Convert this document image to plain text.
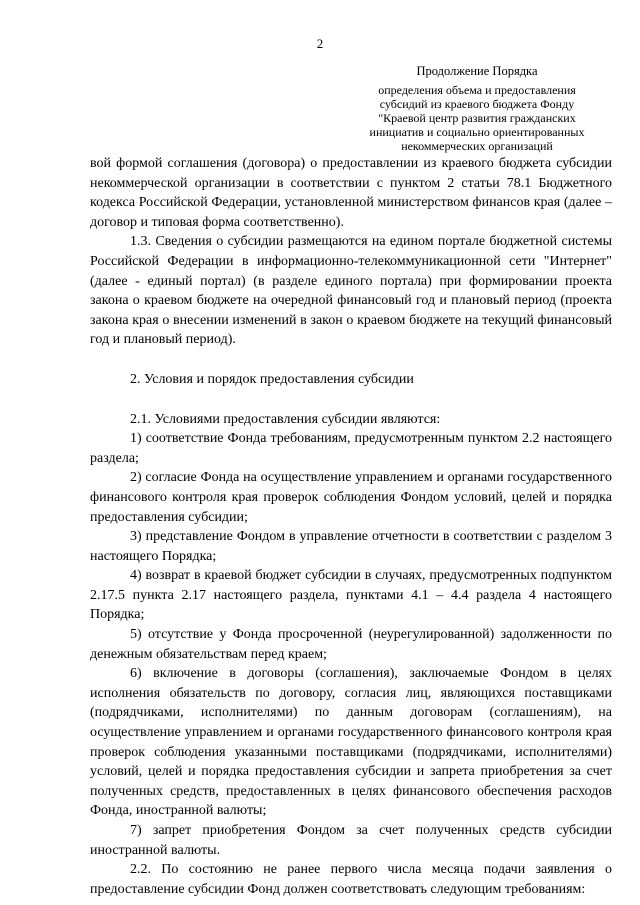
2
Продолжение Порядка
определения объема и предоставления
субсидий из краевого бюджета Фонду
"Краевой центр развития гражданских
инициатив и социально ориентированных
некоммерческих организаций

вой формой соглашения (договора) о предоставлении из краевого бюджета субсидии некоммерческой организации в соответствии с пунктом 2 статьи 78.1 Бюджетного кодекса Российской Федерации, установленной министерством финансов края (далее – договор и типовая форма соответственно).

1.3. Сведения о субсидии размещаются на едином портале бюджетной системы Российской Федерации в информационно-телекоммуникационной сети "Интернет" (далее - единый портал) (в разделе единого портала) при формировании проекта закона о краевом бюджете на очередной финансовый год и плановый период (проекта закона края о внесении изменений в закон о краевом бюджете на текущий финансовый год и плановый период).

2. Условия и порядок предоставления субсидии

2.1. Условиями предоставления субсидии являются:

1) соответствие Фонда требованиям, предусмотренным пунктом 2.2 настоящего раздела;

2) согласие Фонда на осуществление управлением и органами государственного финансового контроля края проверок соблюдения Фондом условий, целей и порядка предоставления субсидии;

3) представление Фондом в управление отчетности в соответствии с разделом 3 настоящего Порядка;

4) возврат в краевой бюджет субсидии в случаях, предусмотренных подпунктом 2.17.5 пункта 2.17 настоящего раздела, пунктами 4.1 – 4.4 раздела 4 настоящего Порядка;

5) отсутствие у Фонда просроченной (неурегулированной) задолженности по денежным обязательствам перед краем;

6) включение в договоры (соглашения), заключаемые Фондом в целях исполнения обязательств по договору, согласия лиц, являющихся поставщиками (подрядчиками, исполнителями) по данным договорам (соглашениям), на осуществление управлением и органами государственного финансового контроля края проверок соблюдения указанными поставщиками (подрядчиками, исполнителями) условий, целей и порядка предоставления субсидии и запрета приобретения за счет полученных средств, предоставленных в целях финансового обеспечения расходов Фонда, иностранной валюты;

7) запрет приобретения Фондом за счет полученных средств субсидии иностранной валюты.

2.2. По состоянию не ранее первого числа месяца подачи заявления о предоставление субсидии Фонд должен соответствовать следующим требованиям:
